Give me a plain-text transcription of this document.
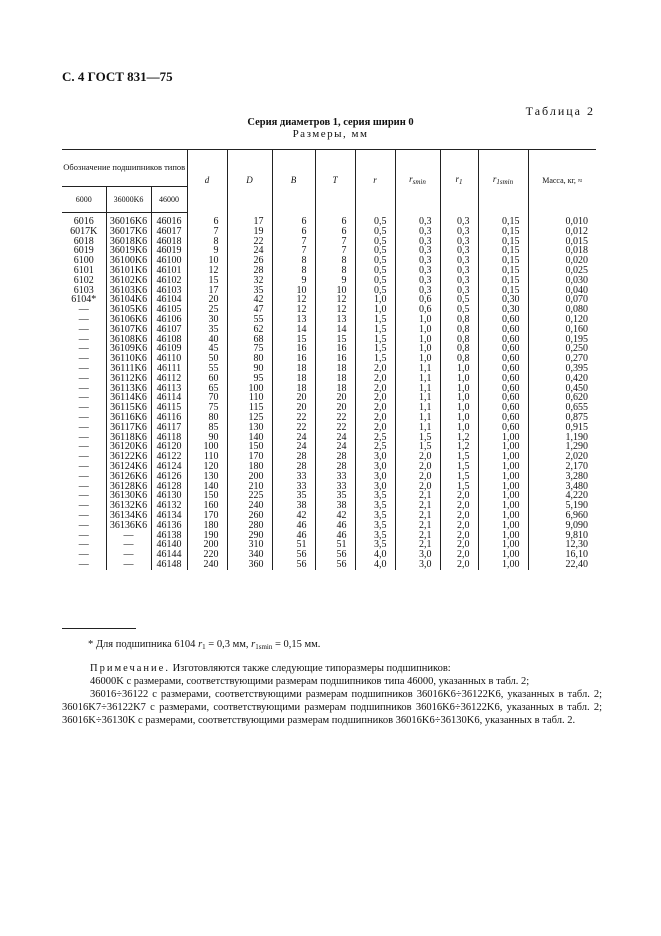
С. 4 ГОСТ 831—75
Таблица 2
Серия диаметров 1, серия ширин 0
Размеры, мм
Обозначение подшипников типов			d	D	B	T	r	$r_{smin}$	$r_1$	$r_{1smin}$	Масса, кг, ≈
6000	36000K6	46000									
6016	36016K6	46016	6	17	6	6	0,5	0,3	0,3	0,15	0,010
6017K	36017K6	46017	7	19	6	6	0,5	0,3	0,3	0,15	0,012
6018	36018K6	46018	8	22	7	7	0,5	0,3	0,3	0,15	0,015
6019	36019K6	46019	9	24	7	7	0,5	0,3	0,3	0,15	0,018
6100	36100K6	46100	10	26	8	8	0,5	0,3	0,3	0,15	0,020
6101	36101K6	46101	12	28	8	8	0,5	0,3	0,3	0,15	0,025
6102	36102K6	46102	15	32	9	9	0,5	0,3	0,3	0,15	0,030
6103	36103K6	46103	17	35	10	10	0,5	0,3	0,3	0,15	0,040
6104*	36104K6	46104	20	42	12	12	1,0	0,6	0,5	0,30	0,070
—	36105K6	46105	25	47	12	12	1,0	0,6	0,5	0,30	0,080
—	36106K6	46106	30	55	13	13	1,5	1,0	0,8	0,60	0,120
—	36107K6	46107	35	62	14	14	1,5	1,0	0,8	0,60	0,160
—	36108K6	46108	40	68	15	15	1,5	1,0	0,8	0,60	0,195
—	36109K6	46109	45	75	16	16	1,5	1,0	0,8	0,60	0,250
—	36110K6	46110	50	80	16	16	1,5	1,0	0,8	0,60	0,270
—	36111K6	46111	55	90	18	18	2,0	1,1	1,0	0,60	0,395
—	36112K6	46112	60	95	18	18	2,0	1,1	1,0	0,60	0,420
—	36113K6	46113	65	100	18	18	2,0	1,1	1,0	0,60	0,450
—	36114K6	46114	70	110	20	20	2,0	1,1	1,0	0,60	0,620
—	36115K6	46115	75	115	20	20	2,0	1,1	1,0	0,60	0,655
—	36116K6	46116	80	125	22	22	2,0	1,1	1,0	0,60	0,875
—	36117K6	46117	85	130	22	22	2,0	1,1	1,0	0,60	0,915
—	36118K6	46118	90	140	24	24	2,5	1,5	1,2	1,00	1,190
—	36120K6	46120	100	150	24	24	2,5	1,5	1,2	1,00	1,290
—	36122K6	46122	110	170	28	28	3,0	2,0	1,5	1,00	2,020
—	36124K6	46124	120	180	28	28	3,0	2,0	1,5	1,00	2,170
—	36126K6	46126	130	200	33	33	3,0	2,0	1,5	1,00	3,280
—	36128K6	46128	140	210	33	33	3,0	2,0	1,5	1,00	3,480
—	36130K6	46130	150	225	35	35	3,5	2,1	2,0	1,00	4,220
—	36132K6	46132	160	240	38	38	3,5	2,1	2,0	1,00	5,190
—	36134K6	46134	170	260	42	42	3,5	2,1	2,0	1,00	6,960
—	36136K6	46136	180	280	46	46	3,5	2,1	2,0	1,00	9,090
—	—	46138	190	290	46	46	3,5	2,1	2,0	1,00	9,810
—	—	46140	200	310	51	51	3,5	2,1	2,0	1,00	12,30
—	—	46144	220	340	56	56	4,0	3,0	2,0	1,00	16,10
—	—	46148	240	360	56	56	4,0	3,0	2,0	1,00	22,40
* Для подшипника 6104 $r_1 = 0,3$ мм, $r_{1smin} = 0,15$ мм.

Примечание. Изготовляются также следующие типоразмеры подшипников:

46000K с размерами, соответствующими размерам подшипников типа 46000, указанных в табл. 2;

36016÷36122 с размерами, соответствующими размерам подшипников 36016K6÷36122K6, указанных в табл. 2; 36016K7÷36122K7 с размерами, соответствующими размерам подшипников 36016K6÷36122K6, указанных в табл. 2; 36016K÷36130K с размерами, соответствующими размерам подшипников 36016K6÷36130K6, указанных в табл. 2.
